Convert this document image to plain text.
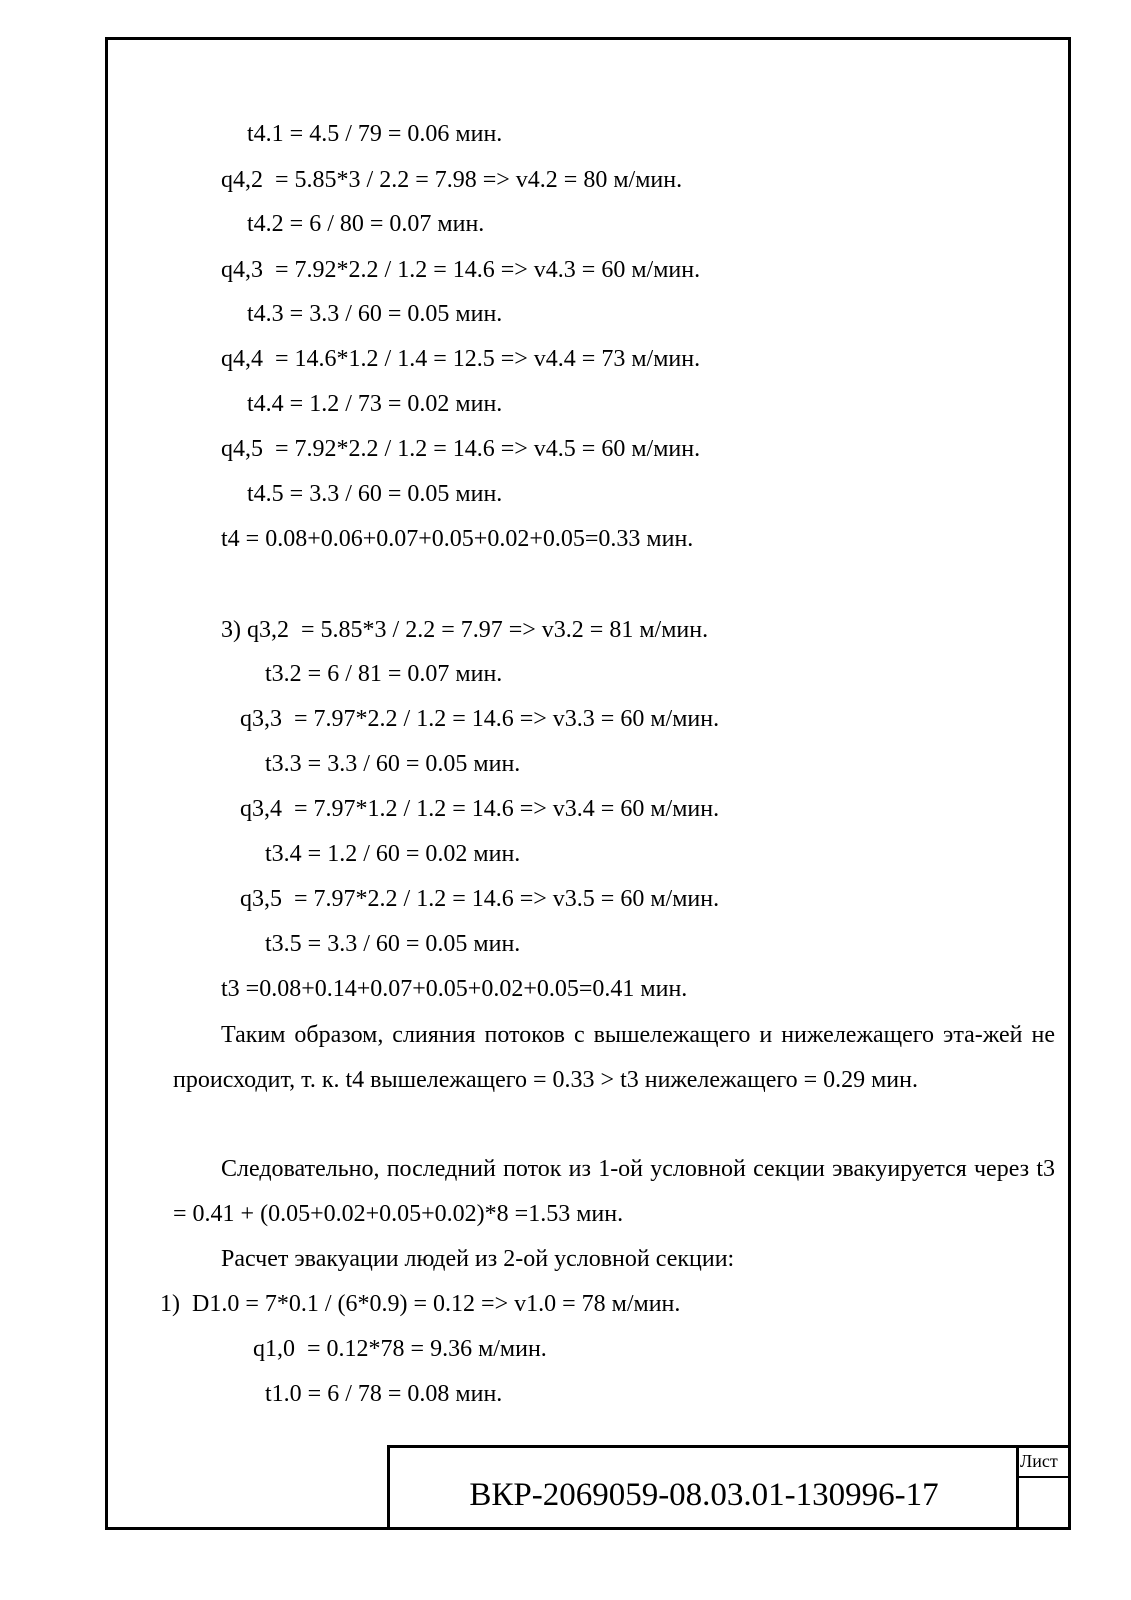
t4.1 = 4.5 / 79 = 0.06 мин.
q4,2  = 5.85*3 / 2.2 = 7.98 => v4.2 = 80 м/мин.
t4.2 = 6 / 80 = 0.07 мин.
q4,3  = 7.92*2.2 / 1.2 = 14.6 => v4.3 = 60 м/мин.
t4.3 = 3.3 / 60 = 0.05 мин.
q4,4  = 14.6*1.2 / 1.4 = 12.5 => v4.4 = 73 м/мин.
t4.4 = 1.2 / 73 = 0.02 мин.
q4,5  = 7.92*2.2 / 1.2 = 14.6 => v4.5 = 60 м/мин.
t4.5 = 3.3 / 60 = 0.05 мин.
t4 = 0.08+0.06+0.07+0.05+0.02+0.05=0.33 мин.
3) q3,2  = 5.85*3 / 2.2 = 7.97 => v3.2 = 81 м/мин.
t3.2 = 6 / 81 = 0.07 мин.
q3,3  = 7.97*2.2 / 1.2 = 14.6 => v3.3 = 60 м/мин.
t3.3 = 3.3 / 60 = 0.05 мин.
q3,4  = 7.97*1.2 / 1.2 = 14.6 => v3.4 = 60 м/мин.
t3.4 = 1.2 / 60 = 0.02 мин.
q3,5  = 7.97*2.2 / 1.2 = 14.6 => v3.5 = 60 м/мин.
t3.5 = 3.3 / 60 = 0.05 мин.
t3 =0.08+0.14+0.07+0.05+0.02+0.05=0.41 мин.
Таким образом, слияния потоков с вышележащего и нижележащего эта-жей не происходит, т. к. t4 вышележащего = 0.33 > t3 нижележащего = 0.29 мин.
Следовательно, последний поток из 1-ой условной секции эвакуируется через t3 = 0.41 + (0.05+0.02+0.05+0.02)*8 =1.53 мин.
Расчет эвакуации людей из 2-ой условной секции:
1)  D1.0 = 7*0.1 / (6*0.9) = 0.12 => v1.0 = 78 м/мин.
q1,0  = 0.12*78 = 9.36 м/мин.
t1.0 = 6 / 78 = 0.08 мин.
ВКР-2069059-08.03.01-130996-17
Лист
